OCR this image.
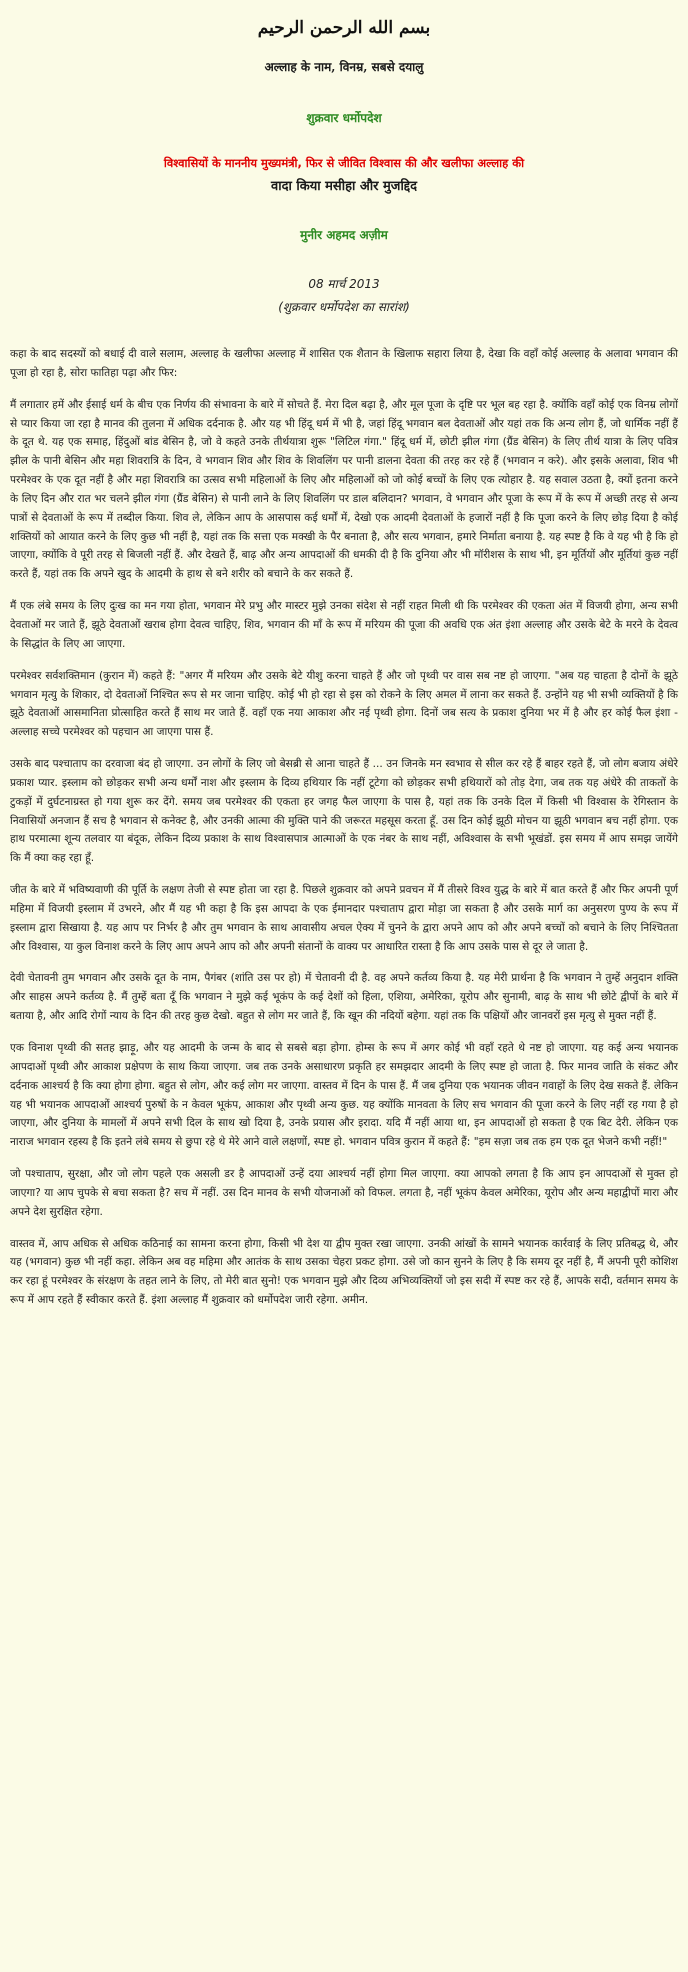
بسم الله الرحمن الرحيم
अल्लाह के नाम, विनम्र, सबसे दयालु
शुक्रवार धर्मोपदेश
विश्वासियों के माननीय मुख्यमंत्री, फिर से जीवित विश्वास की और खलीफा अल्लाह की
वादा किया मसीहा और मुजद्दिद
मुनीर अहमद अज़ीम
08 मार्च 2013
(शुक्रवार धर्मोपदेश का सारांश)

कहा के बाद सदस्यों को बधाई दी वाले सलाम, अल्लाह के खलीफा अल्लाह में शासित एक शैतान के खिलाफ सहारा लिया है, देखा कि वहाँ कोई अल्लाह के अलावा भगवान की पूजा हो रहा है, सोरा फातिहा पढ़ा और फिर:

मैं लगातार हमें और ईसाई धर्म के बीच एक निर्णय की संभावना के बारे में सोचते हैं. मेरा दिल बढ़ा है, और मूल पूजा के दृष्टि पर भूल बह रहा है. क्योंकि वहाँ कोई एक विनम्र लोगों से प्यार किया जा रहा है मानव की तुलना में अधिक दर्दनाक है. और यह भी हिंदू धर्म में भी है, जहां हिंदू भगवान बल देवताओं और यहां तक कि अन्य लोग हैं, जो धार्मिक नहीं हैं के दूत थे. यह एक समाह, हिंदुओं बांड बेसिन है, जो वे कहते उनके तीर्थयात्रा शुरू "लिटिल गंगा." हिंदू धर्म में, छोटी झील गंगा (ग्रैंड बेसिन) के लिए तीर्थ यात्रा के लिए पवित्र झील के पानी बेसिन और महा शिवरात्रि के दिन, वे भगवान शिव और शिव के शिवलिंग पर पानी डालना देवता की तरह कर रहे हैं (भगवान न करे). और इसके अलावा, शिव भी परमेश्वर के एक दूत नहीं है और महा शिवरात्रि का उत्सव सभी महिलाओं के लिए और महिलाओं को जो कोई बच्चों के लिए एक त्योहार है. यह सवाल उठता है, क्यों इतना करने के लिए दिन और रात भर चलने झील गंगा (ग्रैंड बेसिन) से पानी लाने के लिए शिवलिंग पर डाल बलिदान? भगवान, वे भगवान और पूजा के रूप में के रूप में अच्छी तरह से अन्य पात्रों से देवताओं के रूप में तब्दील किया. शिव ले, लेकिन आप के आसपास कई धर्मों में, देखो एक आदमी देवताओं के हजारों नहीं है कि पूजा करने के लिए छोड़ दिया है कोई शक्तियों को आयात करने के लिए कुछ भी नहीं है, यहां तक कि सत्ता एक मक्खी के पैर बनाता है, और सत्य भगवान, हमारे निर्माता बनाया है. यह स्पष्ट है कि वे यह भी है कि हो जाएगा, क्योंकि वे पूरी तरह से बिजली नहीं हैं. और देखते हैं, बाढ़ और अन्य आपदाओं की धमकी दी है कि दुनिया और भी मॉरीशस के साथ भी, इन मूर्तियों और मूर्तियां कुछ नहीं करते हैं, यहां तक कि अपने खुद के आदमी के हाथ से बने शरीर को बचाने के कर सकते हैं.

मैं एक लंबे समय के लिए दुःख का मन गया होता, भगवान मेरे प्रभु और मास्टर मुझे उनका संदेश से नहीं राहत मिली थी कि परमेश्वर की एकता अंत में विजयी होगा, अन्य सभी देवताओं मर जाते हैं, झूठे देवताओं खराब होगा देवत्व चाहिए, शिव, भगवान की माँ के रूप में मरियम की पूजा की अवधि एक अंत इंशा अल्लाह और उसके बेटे के मरने के देवत्व के सिद्धांत के लिए आ जाएगा.

परमेश्वर सर्वशक्तिमान (कुरान में) कहते हैं: "अगर मैं मरियम और उसके बेटे यीशु करना चाहते हैं और जो पृथ्वी पर वास सब नष्ट हो जाएगा. "अब यह चाहता है दोनों के झूठे भगवान मृत्यु के शिकार, दो देवताओं निश्चित रूप से मर जाना चाहिए. कोई भी हो रहा से इस को रोकने के लिए अमल में लाना कर सकते हैं. उन्होंने यह भी सभी व्यक्तियों है कि झूठे देवताओं आसमानिता प्रोत्साहित करते हैं साथ मर जाते हैं. वहाँ एक नया आकाश और नई पृथ्वी होगा. दिनों जब सत्य के प्रकाश दुनिया भर में है और हर कोई फैल इंशा - अल्लाह सच्चे परमेश्वर को पहचान आ जाएगा पास हैं.

उसके बाद पश्चाताप का दरवाजा बंद हो जाएगा. उन लोगों के लिए जो बेसब्री से आना चाहते हैं ... उन जिनके मन स्वभाव से सील कर रहे हैं बाहर रहते हैं, जो लोग बजाय अंधेरे प्रकाश प्यार. इस्लाम को छोड़कर सभी अन्य धर्मों नाश और इस्लाम के दिव्य हथियार कि नहीं टूटेगा को छोड़कर सभी हथियारों को तोड़ देगा, जब तक यह अंधेरे की ताकतों के टुकड़ों में दुर्घटनाग्रस्त हो गया शुरू कर देंगे. समय जब परमेश्वर की एकता हर जगह फैल जाएगा के पास है, यहां तक कि उनके दिल में किसी भी विश्वास के रेगिस्तान के निवासियों अनजान हैं सच है भगवान से कनेक्ट है, और उनकी आत्मा की मुक्ति पाने की जरूरत महसूस करता हूँ. उस दिन कोई झूठी मोचन या झूठी भगवान बच नहीं होगा. एक हाथ परमात्मा शून्य तलवार या बंदूक, लेकिन दिव्य प्रकाश के साथ विश्वासपात्र आत्माओं के एक नंबर के साथ नहीं, अविश्वास के सभी भूखंडों. इस समय में आप समझ जायेंगे कि मैं क्या कह रहा हूँ.

जीत के बारे में भविष्यवाणी की पूर्ति के लक्षण तेजी से स्पष्ट होता जा रहा है. पिछले शुक्रवार को अपने प्रवचन में मैं तीसरे विश्व युद्ध के बारे में बात करते हैं और फिर अपनी पूर्ण महिमा में विजयी इस्लाम में उभरने, और मैं यह भी कहा है कि इस आपदा के एक ईमानदार पश्चाताप द्वारा मोड़ा जा सकता है और उसके मार्ग का अनुसरण पुण्य के रूप में इस्लाम द्वारा सिखाया है. यह आप पर निर्भर है और तुम भगवान के साथ आवासीय अचल ऐक्य में चुनने के द्वारा अपने आप को और अपने बच्चों को बचाने के लिए निश्चितता और विश्वास, या कुल विनाश करने के लिए आप अपने आप को और अपनी संतानों के वाक्य पर आधारित रास्ता है कि आप उसके पास से दूर ले जाता है.

देवी चेतावनी तुम भगवान और उसके दूत के नाम, पैगंबर (शांति उस पर हो) में चेतावनी दी है. वह अपने कर्तव्य किया है. यह मेरी प्रार्थना है कि भगवान ने तुम्हें अनुदान शक्ति और साहस अपने कर्तव्य है. मैं तुम्हें बता दूँ कि भगवान ने मुझे कई भूकंप के कई देशों को हिला, एशिया, अमेरिका, यूरोप और सुनामी, बाढ़ के साथ भी छोटे द्वीपों के बारे में बताया है, और आदि रोगों न्याय के दिन की तरह कुछ देखो. बहुत से लोग मर जाते हैं, कि खून की नदियों बहेगा. यहां तक कि पक्षियों और जानवरों इस मृत्यु से मुक्त नहीं हैं.

एक विनाश पृथ्वी की सतह झाड़ू, और यह आदमी के जन्म के बाद से सबसे बड़ा होगा. होम्स के रूप में अगर कोई भी वहाँ रहते थे नष्ट हो जाएगा. यह कई अन्य भयानक आपदाओं पृथ्वी और आकाश प्रक्षेपण के साथ किया जाएगा. जब तक उनके असाधारण प्रकृति हर समझदार आदमी के लिए स्पष्ट हो जाता है. फिर मानव जाति के संकट और दर्दनाक आश्चर्य है कि क्या होगा होगा. बहुत से लोग, और कई लोग मर जाएगा. वास्तव में दिन के पास हैं. मैं जब दुनिया एक भयानक जीवन गवाहों के लिए देख सकते हैं. लेकिन यह भी भयानक आपदाओं आश्चर्य पुरुषों के न केवल भूकंप, आकाश और पृथ्वी अन्य कुछ. यह क्योंकि मानवता के लिए सच भगवान की पूजा करने के लिए नहीं रह गया है हो जाएगा, और दुनिया के मामलों में अपने सभी दिल के साथ खो दिया है, उनके प्रयास और इरादा. यदि मैं नहीं आया था, इन आपदाओं हो सकता है एक बिट देरी. लेकिन एक नाराज भगवान रहस्य है कि इतने लंबे समय से छुपा रहे थे मेरे आने वाले लक्षणों, स्पष्ट हो. भगवान पवित्र कुरान में कहते हैं: "हम सज़ा जब तक हम एक दूत भेजने कभी नहीं!"

जो पश्चाताप, सुरक्षा, और जो लोग पहले एक असली डर है आपदाओं उन्हें दया आश्चर्य नहीं होगा मिल जाएगा. क्या आपको लगता है कि आप इन आपदाओं से मुक्त हो जाएगा? या आप चुपके से बचा सकता है? सच में नहीं. उस दिन मानव के सभी योजनाओं को विफल. लगता है, नहीं भूकंप केवल अमेरिका, यूरोप और अन्य महाद्वीपों मारा और अपने देश सुरक्षित रहेगा.

वास्तव में, आप अधिक से अधिक कठिनाई का सामना करना होगा, किसी भी देश या द्वीप मुक्त रखा जाएगा. उनकी आंखों के सामने भयानक कार्रवाई के लिए प्रतिबद्ध थे, और यह (भगवान) कुछ भी नहीं कहा. लेकिन अब वह महिमा और आतंक के साथ उसका चेहरा प्रकट होगा. उसे जो कान सुनने के लिए है कि समय दूर नहीं है, मैं अपनी पूरी कोशिश कर रहा हूं परमेश्वर के संरक्षण के तहत लाने के लिए, तो मेरी बात सुनो! एक भगवान मुझे और दिव्य अभिव्यक्तियों जो इस सदी में स्पष्ट कर रहे हैं, आपके सदी, वर्तमान समय के रूप में आप रहते हैं स्वीकार करते हैं. इंशा अल्लाह मैं शुक्रवार को धर्मोपदेश जारी रहेगा. अमीन.
